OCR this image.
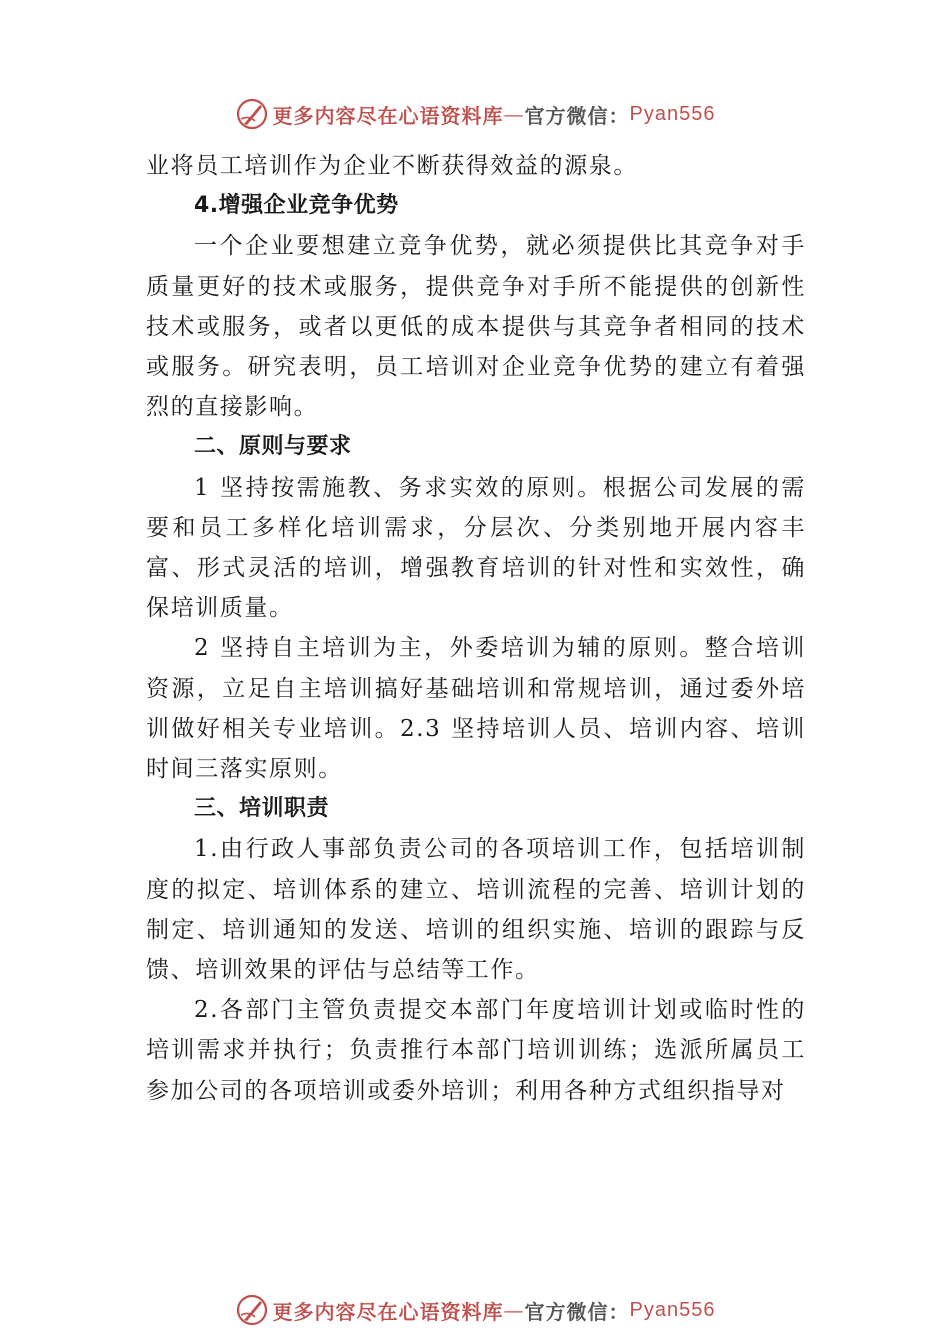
更多内容尽在心语资料库 — 官方微信： Pyan556

业将员工培训作为企业不断获得效益的源泉。

4.增强企业竞争优势

一个企业要想建立竞争优势，就必须提供比其竞争对手质量更好的技术或服务，提供竞争对手所不能提供的创新性技术或服务，或者以更低的成本提供与其竞争者相同的技术或服务。研究表明，员工培训对企业竞争优势的建立有着强烈的直接影响。

二、原则与要求

1 坚持按需施教、务求实效的原则。根据公司发展的需要和员工多样化培训需求，分层次、分类别地开展内容丰富、形式灵活的培训，增强教育培训的针对性和实效性，确保培训质量。

2 坚持自主培训为主，外委培训为辅的原则。整合培训资源，立足自主培训搞好基础培训和常规培训，通过委外培训做好相关专业培训。2.3 坚持培训人员、培训内容、培训时间三落实原则。

三、培训职责

1.由行政人事部负责公司的各项培训工作，包括培训制度的拟定、培训体系的建立、培训流程的完善、培训计划的制定、培训通知的发送、培训的组织实施、培训的跟踪与反馈、培训效果的评估与总结等工作。

2.各部门主管负责提交本部门年度培训计划或临时性的培训需求并执行；负责推行本部门培训训练；选派所属员工参加公司的各项培训或委外培训；利用各种方式组织指导对

更多内容尽在心语资料库 — 官方微信： Pyan556
